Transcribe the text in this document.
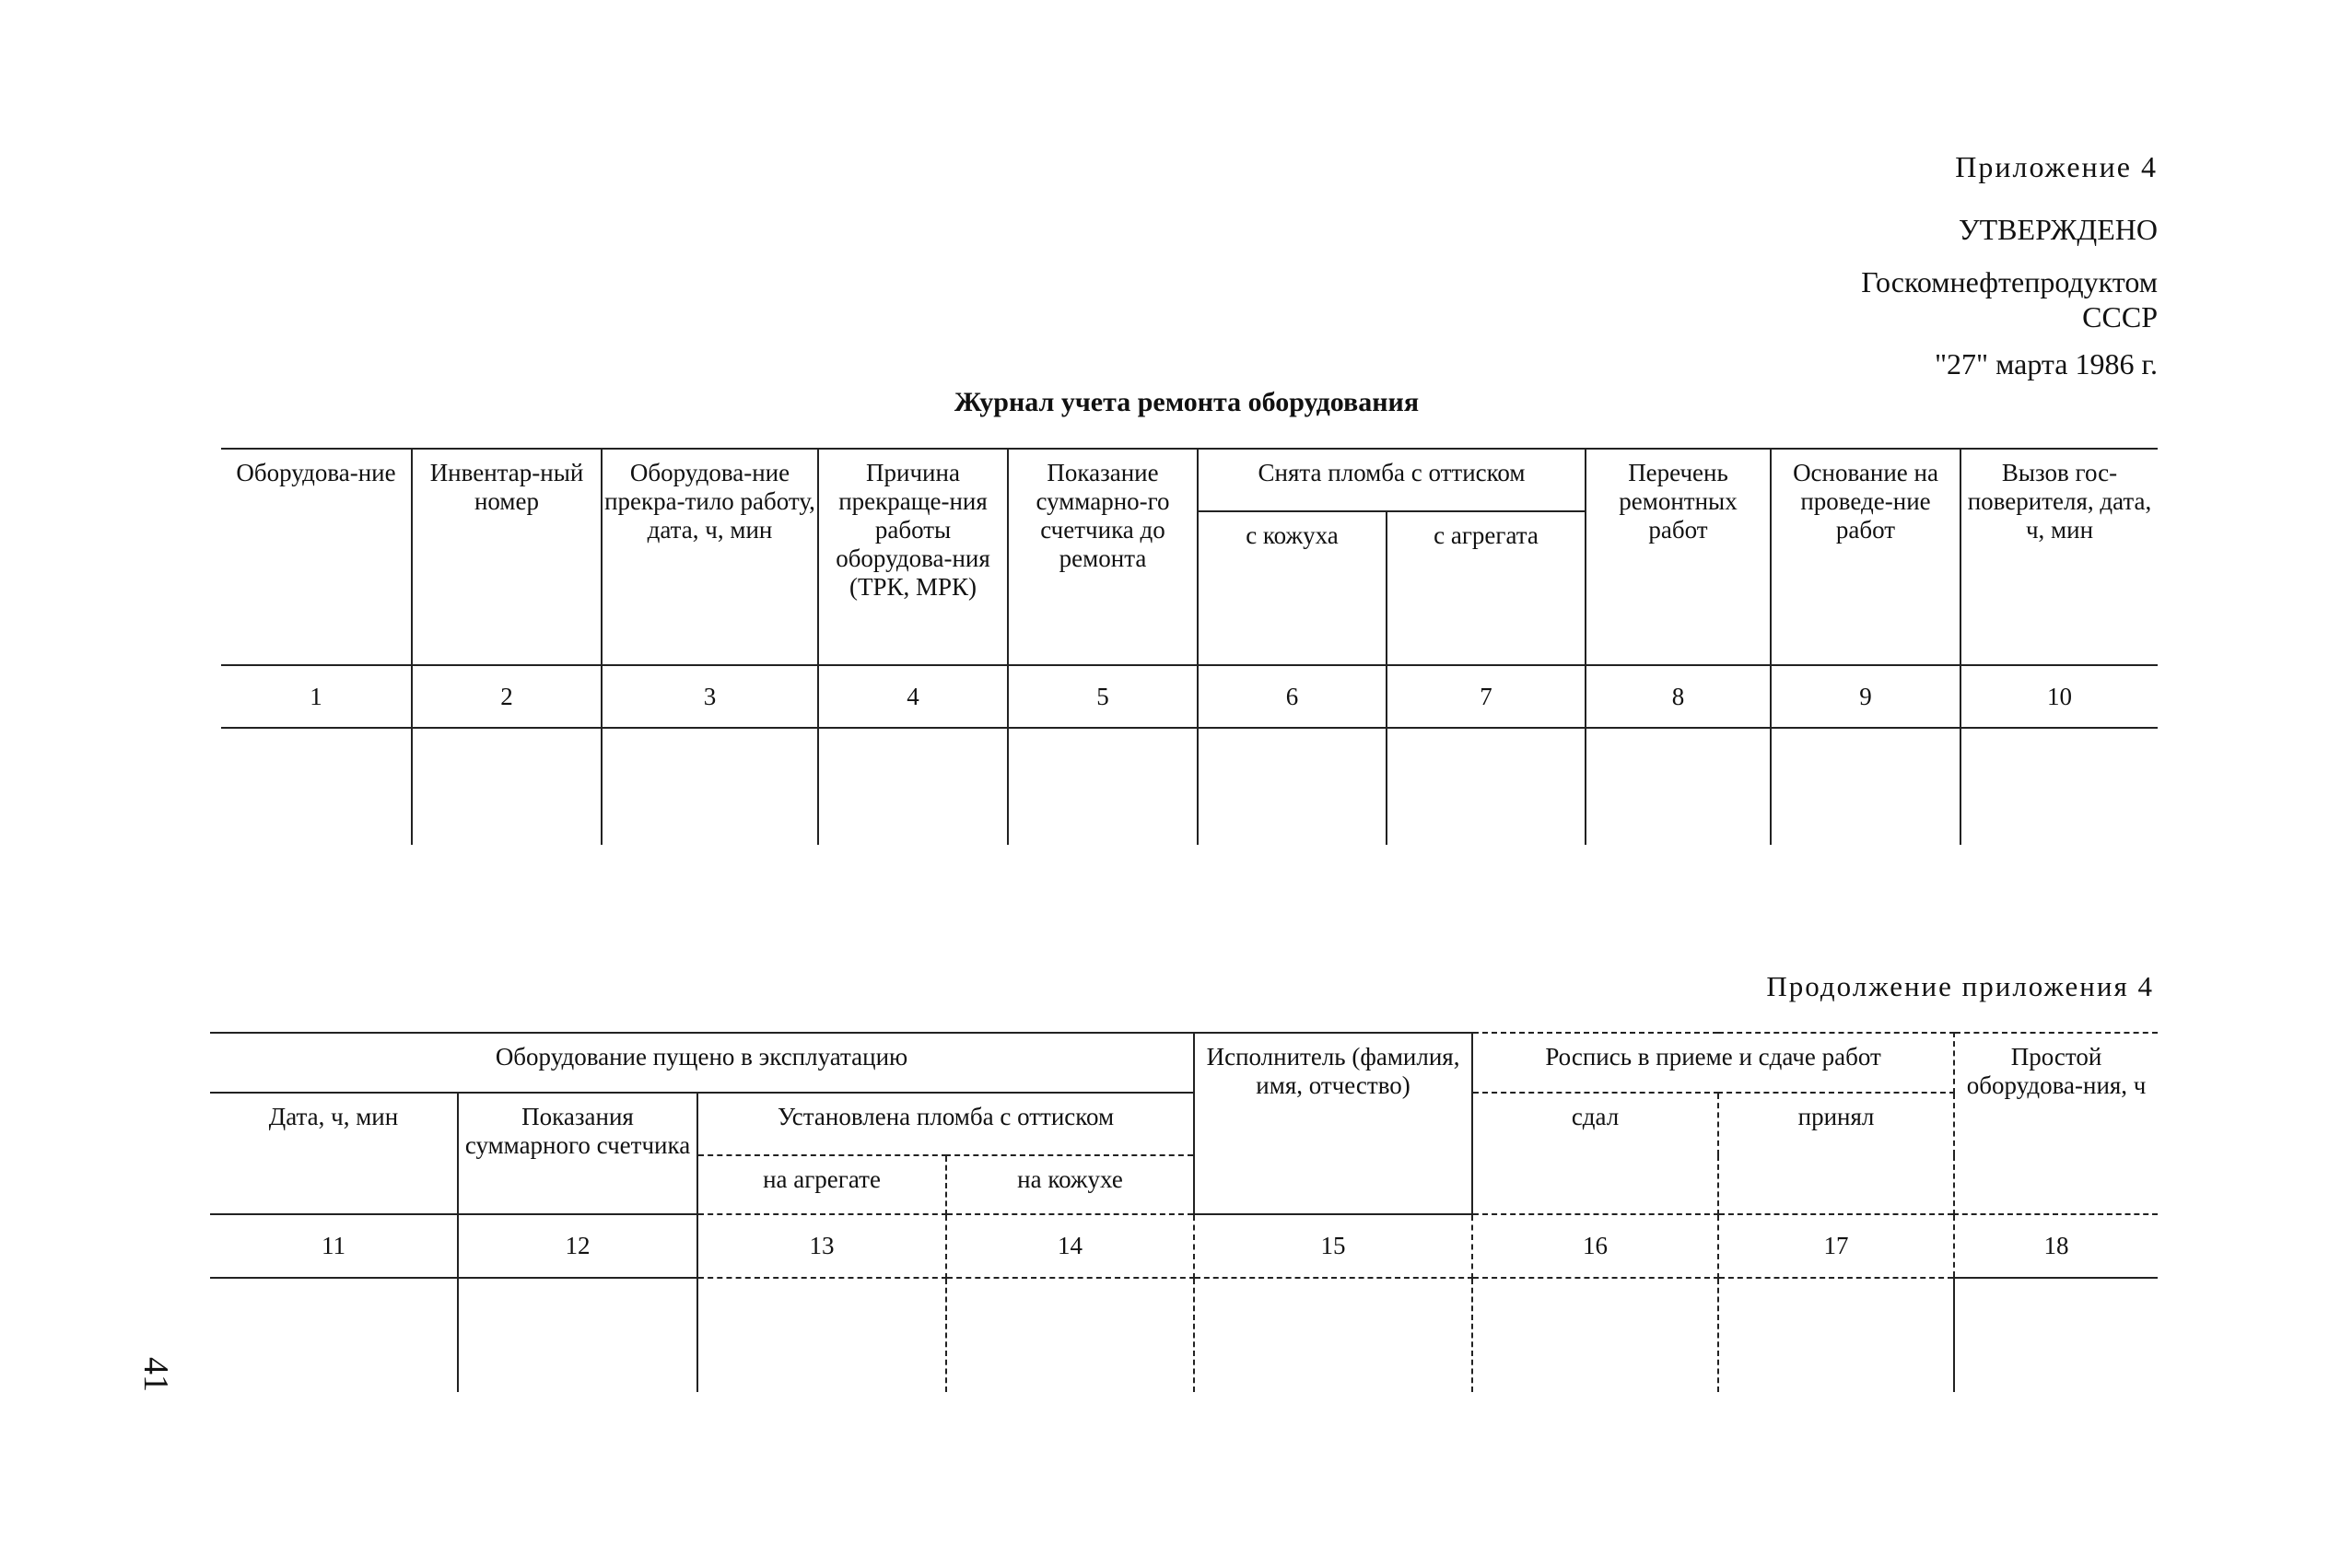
Приложение 4
УТВЕРЖДЕНО
Госкомнефтепродуктом
СССР
"27" марта 1986 г.
Журнал учета ремонта оборудования
Оборудова-ние	Инвентар-ный номер	Оборудова-ние прекра-тило работу, дата, ч, мин	Причина прекраще-ния работы оборудова-ния (ТРК, МРК)	Показание суммарно-го счетчика до ремонта	Снята пломба с оттиском		Перечень ремонтных работ	Основание на проведе-ние работ	Вызов гос-поверителя, дата, ч, мин
					с кожуха	с агрегата			
1	2	3	4	5	6	7	8	9	10

Продолжение приложения 4
Оборудование пущено в эксплуатацию				Исполнитель (фамилия, имя, отчество)	Роспись в приеме и сдаче работ		Простой оборудова-ния, ч
Дата, ч, мин	Показания суммарного счетчика	Установлена пломба с оттиском			сдал	принял	
		на агрегате	на кожухе				
11	12	13	14	15	16	17	18

41
